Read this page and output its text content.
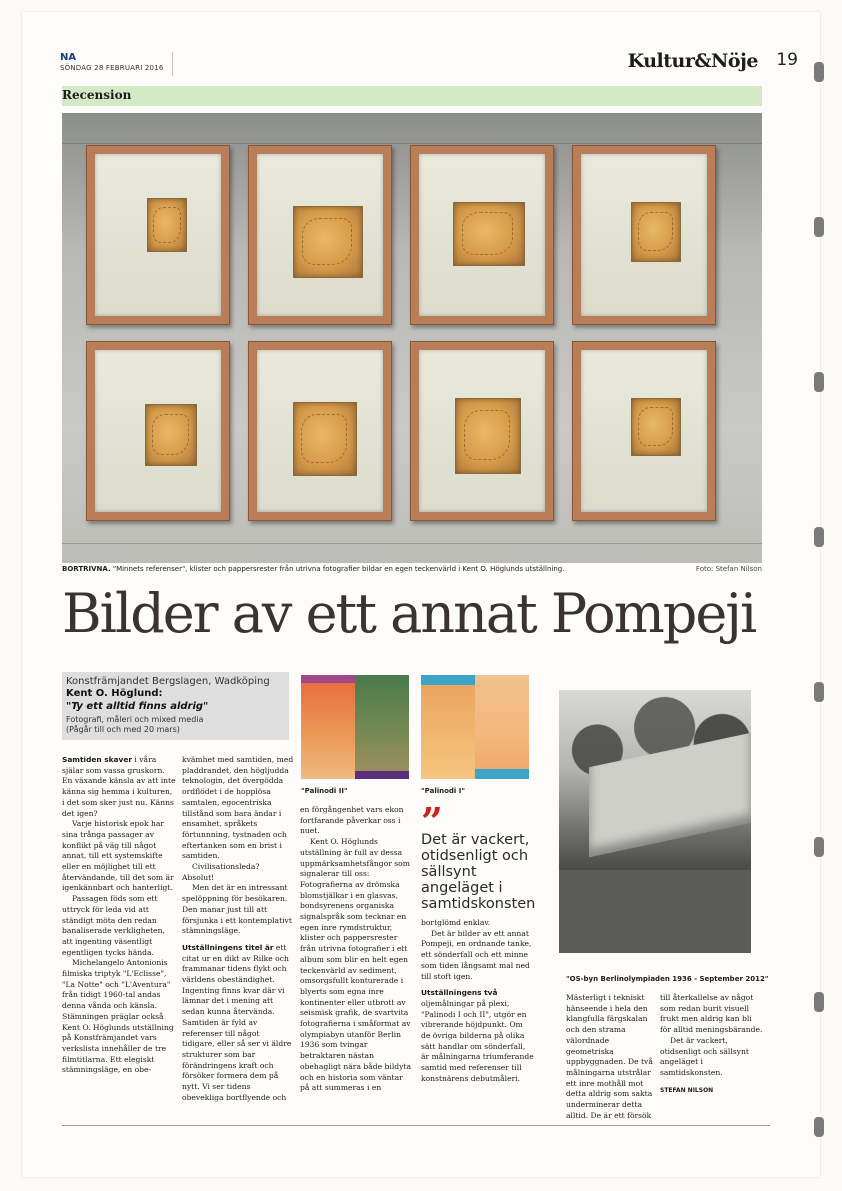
NA
SÖNDAG 28 FEBRUARI 2016	Kultur&Nöje 19
Recension
BORTRIVNA. "Minnets referenser", klister och pappersrester från utrivna fotografier bildar en egen teckenvärld i Kent O. Höglunds utställning.	Foto: Stefan Nilson
Bilder av ett annat Pompeji
Konstfrämjandet Bergslagen, Wadköping
Kent O. Höglund:
"Ty ett alltid finns aldrig"
Fotografi, måleri och mixed media
(Pågår till och med 20 mars)

Samtiden skaver i våra själar som vassa gruskorn. En växande känsla av att inte känna sig hemma i kulturen, i det som sker just nu. Känns det igen?

Varje historisk epok har sina trånga passager av konflikt på väg till något annat, till ett systemskifte eller en möjlighet till ett återvändande, till det som är igenkännbart och hanterligt.

Passagen föds som ett uttryck för leda vid att ständigt möta den redan banaliserade verkligheten, att ingenting väsentligt egentligen tycks hända.

Michelangelo Antonionis filmiska triptyk "L'Eclisse", "La Notte" och "L'Aventura" från tidigt 1960-tal andas denna vånda och känsla. Stämningen präglar också Kent O. Höglunds utställning på Konstfrämjandet vars verkslista innehåller de tre filmtitlarna. Ett elegiskt stämningsläge, en obe-

kvämhet med samtiden, med pladdrandet, den högljudda teknologin, det övergödda ordflödet i de hopplösa samtalen, egocentriska tillstånd som bara ändar i ensamhet, språkets förtunnning, tystnaden och eftertanken som en brist i samtiden.

Civilisationsleda? Absolut!

Men det är en intressant spelöppning för besökaren. Den manar just till att försjunka i ett kontemplativt stämningsläge.

Utställningens titel är ett citat ur en dikt av Rilke och frammanar tidens flykt och världens obeständighet. Ingenting finns kvar där vi lämnar det i mening att sedan kunna återvända. Samtiden är fyld av referenser till något tidigare, eller så ser vi äldre strukturer som bar förändringens kraft och försöker formera dem på nytt. Vi ser tidens obevekliga bortflyende och

en förgångenhet vars ekon fortfarande påverkar oss i nuet.

Kent O. Höglunds utställning är full av dessa uppmärksamhetsfångor som signalerar till oss: Fotografierna av drömska blomstjälkar i en glasvas, bondsyrenens organiska signalspråk som tecknar en egen inre rymdstruktur, klister och pappersrester från utrivna fotografier i ett album som blir en helt egen teckenvärld av sediment, omsorgsfullt konturerade i blyerts som egna inre kontinenter eller utbrott av seismisk grafik, de svartvita fotografierna i småformat av olympiabyn utanför Berlin 1936 som tvingar betraktaren nästan obehagligt nära både bildyta och en historia som väntar på att summeras i en

bortglömd enklav.

Det är bilder av ett annat Pompeji, en ordnande tanke, ett sönderfall och ett minne som tiden långsamt mal ned till stoft igen.

Utställningens två oljemålningar på plexi, "Palinodi I och II", utgör en vibrerande höjdpunkt. Om de övriga bilderna på olika sätt handlar om sönderfall, är målningarna triumferande samtid med referenser till konstnärens debutmåleri.

Mästerligt i tekniskt hänseende i hela den klangfulla färgskalan och den strama välordnade geometriska uppbyggnaden. De två målningarna utstrålar ett inre mothåll mot detta aldrig som sakta underminerar detta alltid. De är ett försök

till återkallelse av något som redan burit visuell frukt men aldrig kan bli för alltid meningsbärande.

Det är vackert, otidsenligt och sällsynt angeläget i samtidskonsten.

STEFAN NILSON

"Palinodi II"	"Palinodi I"
”
Det är vackert, otidsenligt och sällsynt angeläget i samtidskonsten
"OS-byn Berlinolympiaden 1936 - September 2012"
